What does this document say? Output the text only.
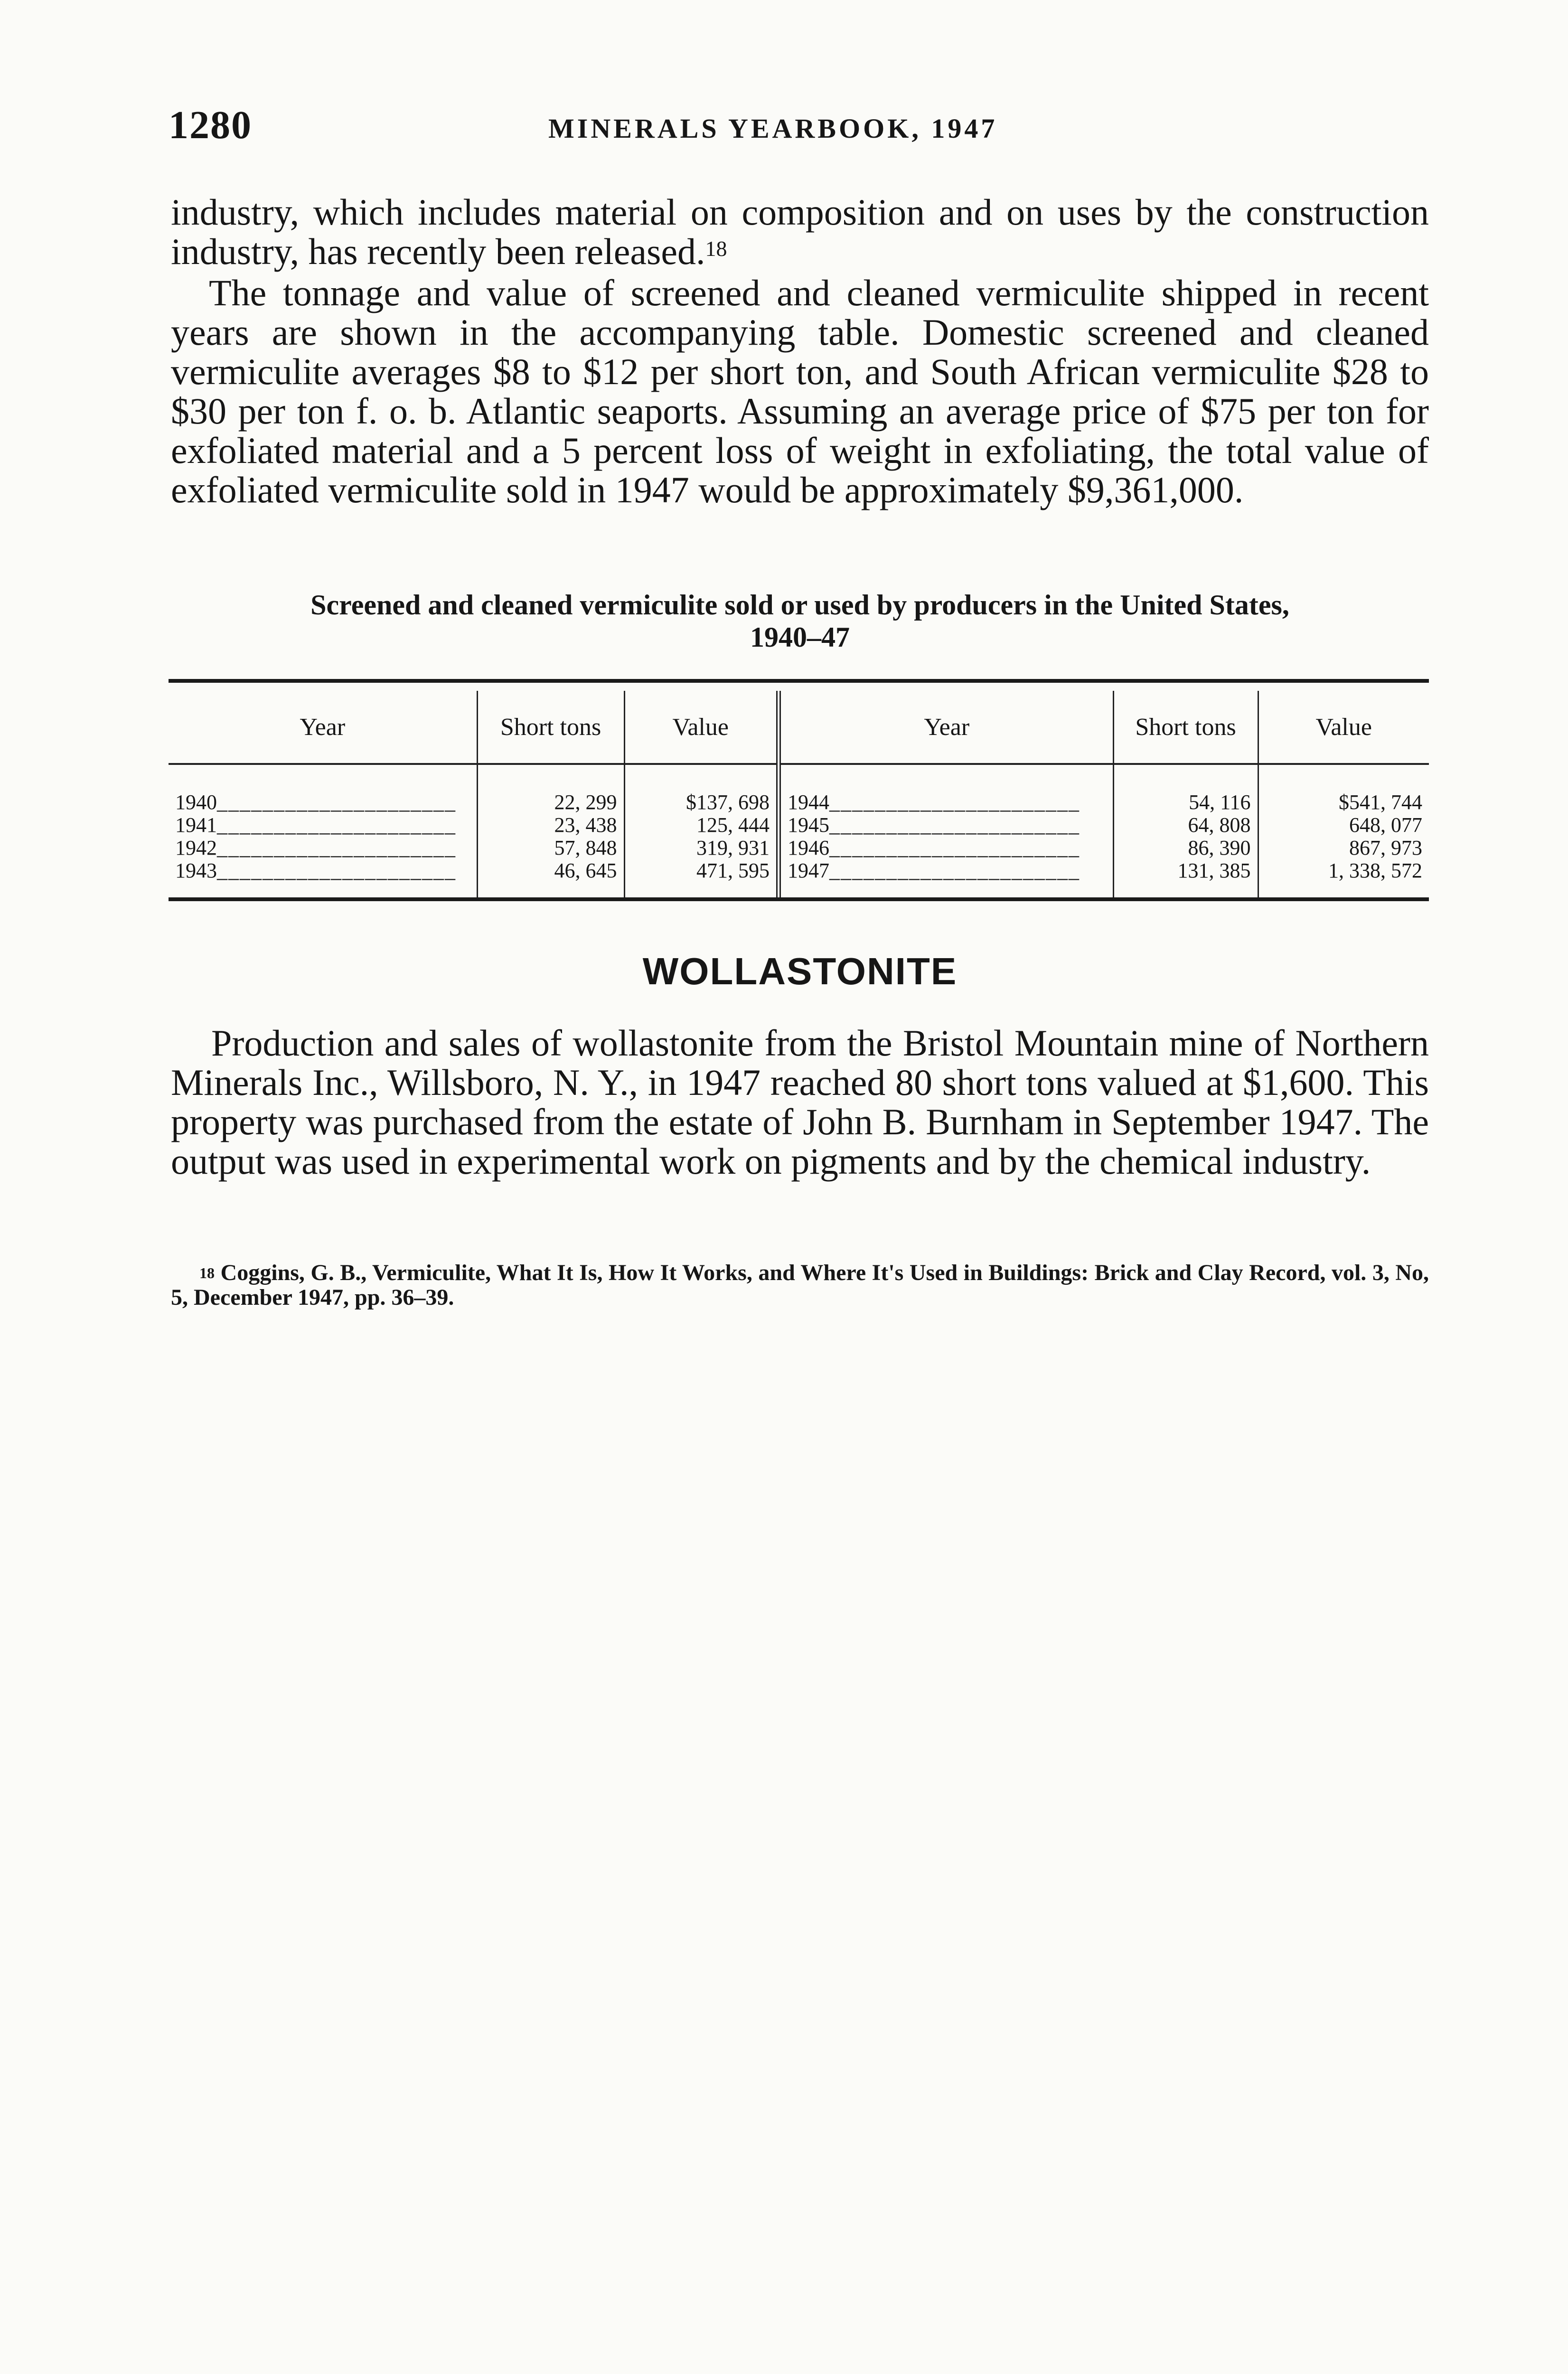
1280	MINERALS YEARBOOK, 1947

industry, which includes material on composition and on uses by the construction industry, has recently been released.$^{18}$

The tonnage and value of screened and cleaned vermiculite shipped in recent years are shown in the accompanying table. Domestic screened and cleaned vermiculite averages $8 to $12 per short ton, and South African vermiculite $28 to $30 per ton f. o. b. Atlantic seaports. Assuming an average price of $75 per ton for exfoliated material and a 5 percent loss of weight in exfoliating, the total value of exfoliated vermiculite sold in 1947 would be approximately $9,361,000.

Screened and cleaned vermiculite sold or used by producers in the United States,
1940–47

Year	Short tons	Value	Year	Short tons	Value
1940_____________________	22, 299	$137, 698	1944______________________	54, 116	$541, 744
1941_____________________	23, 438	125, 444	1945______________________	64, 808	648, 077
1942_____________________	57, 848	319, 931	1946______________________	86, 390	867, 973
1943_____________________	46, 645	471, 595	1947______________________	131, 385	1, 338, 572
WOLLASTONITE

Production and sales of wollastonite from the Bristol Mountain mine of Northern Minerals Inc., Willsboro, N. Y., in 1947 reached 80 short tons valued at $1,600. This property was purchased from the estate of John B. Burnham in September 1947. The output was used in experimental work on pigments and by the chemical industry.

$^{18}$ Coggins, G. B., Vermiculite, What It Is, How It Works, and Where It's Used in Buildings: Brick and Clay Record, vol. 3, No, 5, December 1947, pp. 36–39.
